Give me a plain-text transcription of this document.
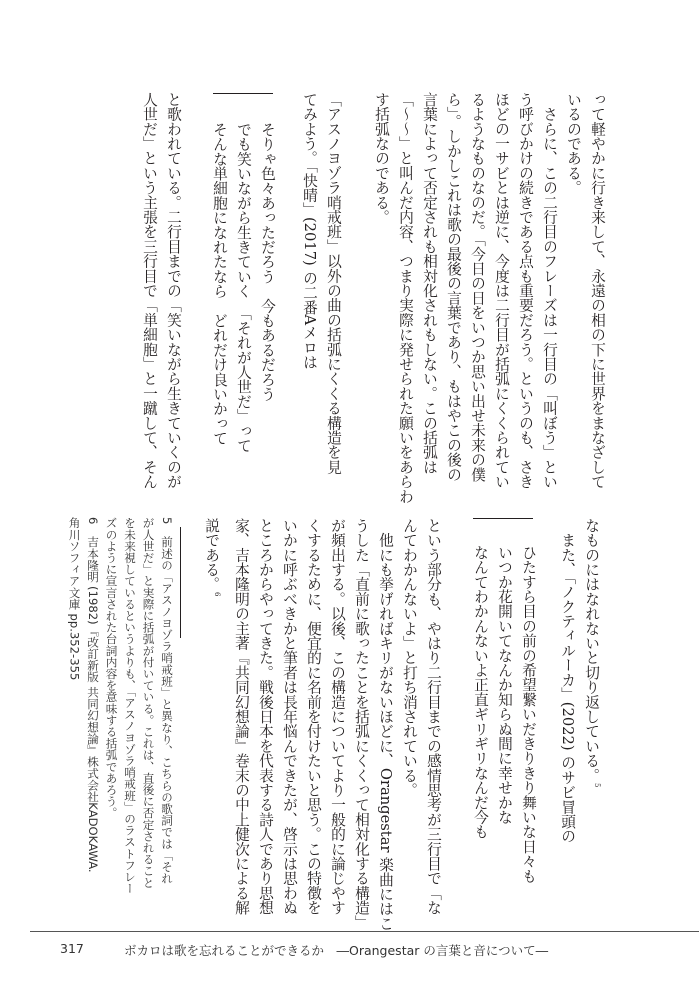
って軽やかに行き来して、永遠の相の下に世界をまなざして
いるのである。
　さらに、この二行目のフレーズは一行目の「叫ぼう」とい
う呼びかけの続きである点も重要だろう。というのも、さき
ほどの一サビとは逆に、今度は二行目が括弧にくくられてい
るようなものなのだ。「今日の日をいつか思い出せ未来の僕
ら」。しかしこれは歌の最後の言葉であり、もはやこの後の
言葉によって否定されも相対化されもしない。この括弧は
「〜〜」と叫んだ内容、つまり実際に発せられた願いをあらわ
す括弧なのである。
「アスノヨゾラ哨戒班」以外の曲の括弧にくくる構造を見
てみよう。「快晴」(2017) の二番Aメロは
そりゃ色々あっただろう　今もあるだろう
でも笑いながら生きていく　「それが人世だ」って
そんな単細胞になれたなら　どれだけ良いかって
と歌われている。二行目までの「笑いながら生きていくのが
人世だ」という主張を三行目で「単細胞」と一蹴して、そん
なものにはなれないと切り返している。$^5$
　また、「ノクティルーカ」(2022) のサビ冒頭の
ひたすら目の前の希望繋いだきりきり舞いな日々も
いつか花開いてなんか知らぬ間に幸せかな
なんてわかんないよ正直ギリギリなんだ今も
という部分も、やはり二行目までの感情思考が三行目で「な
んてわかんないよ」と打ち消されている。
　他にも挙げればキリがないほどに、Orangestar 楽曲にはこ
うした「直前に歌ったことを括弧にくくって相対化する構造」
が頻出する。以後、この構造についてより一般的に論じやす
くするために、便宜的に名前を付けたいと思う。この特徴を
いかに呼ぶべきかと筆者は長年悩んできたが、啓示は思わぬ
ところからやってきた。戦後日本を代表する詩人であり思想
家、吉本隆明の主著『共同幻想論』巻末の中上健次による解
説である。$^6$
5　前述の「アスノヨゾラ哨戒班」と異なり、こちらの歌詞では「それ
が人世だ」と実際に括弧が付いている。これは、直後に否定されること
を未来視しているというよりも、「アスノヨゾラ哨戒班」のラストフレー
ズのように宣言された台詞内容を意味する括弧であろう。
6　吉本隆明 (1982)『改訂新版 共同幻想論』株式会社KADOKAWA.
角川ソフィア文庫 pp.352-355
317	ボカロは歌を忘れることができるか　―Orangestar の言葉と音について―
